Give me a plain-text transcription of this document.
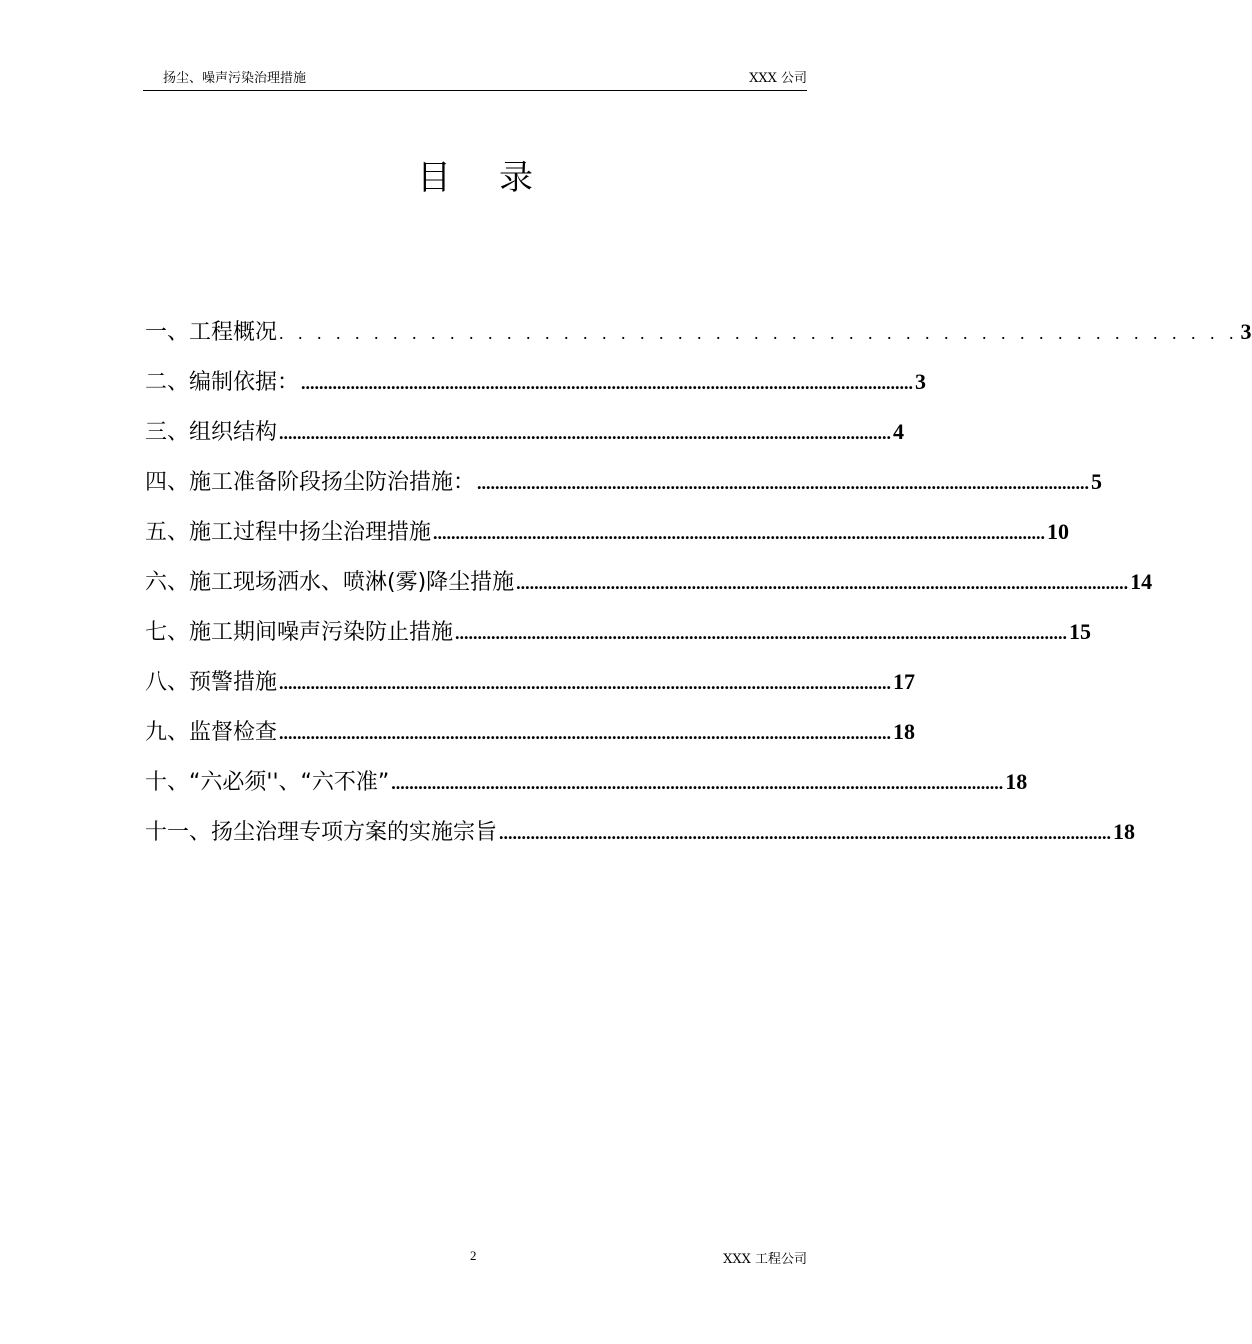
扬尘、噪声污染治理措施	XXX 公司
目录
一、工程概况 . . . . . . . . . . . . . . . . . . . . . . . . . . . . . . . . . . . . . . . . . . . . . . . . . . . 3
二、编制依据： ........................................................................................................................................ 3
三、组织结构 ........................................................................................................................................ 4
四、施工准备阶段扬尘防治措施： ........................................................................................................................................ 5
五、施工过程中扬尘治理措施 ........................................................................................................................................ 10
六、施工现场洒水、喷淋(雾)降尘措施 ........................................................................................................................................ 14
七、施工期间噪声污染防止措施 ........................................................................................................................................ 15
八、预警措施 ........................................................................................................................................ 17
九、监督检查 ........................................................................................................................................ 18
十、“六必须''、“六不准” ........................................................................................................................................ 18
十一、扬尘治理专项方案的实施宗旨 ........................................................................................................................................ 18
2	XXX 工程公司
